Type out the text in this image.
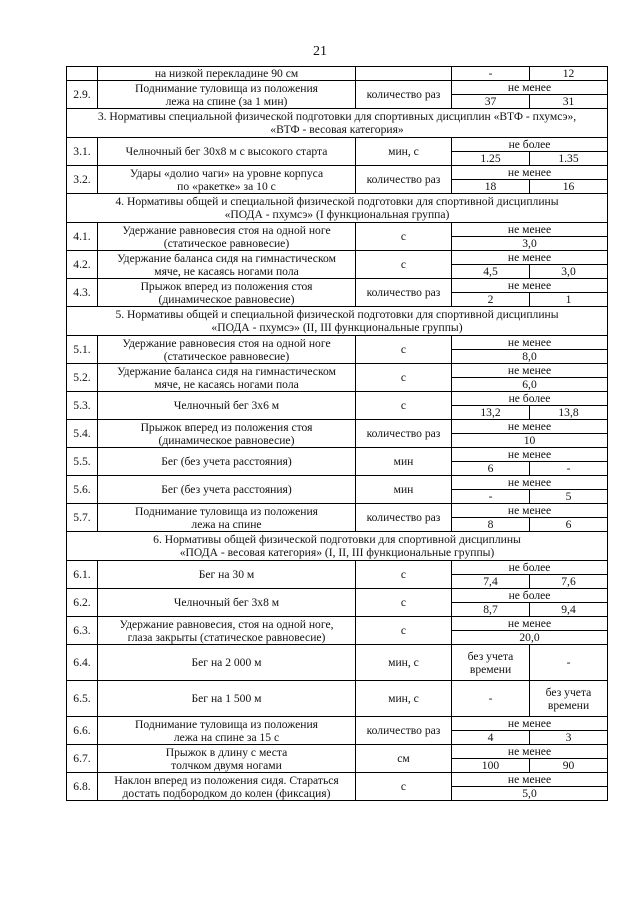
21
	на низкой перекладине 90 см		-	12
2.9.	Поднимание туловища из положения
лежа на спине (за 1 мин)	количество раз	не менее	
			37	31

3. Нормативы специальной физической подготовки для спортивных дисциплин «ВТФ - пхумсэ»,
«ВТФ - весовая категория»				

3.1.	Челночный бег 30х8 м с высокого старта	мин, с	не более	
			1.25	1.35
3.2.	Удары «долио чаги» на уровне корпуса
по «ракетке» за 10 с	количество раз	не менее	
			18	16

4. Нормативы общей и специальной физической подготовки для спортивной дисциплины
«ПОДА - пхумсэ» (I функциональная группа)				

4.1.	Удержание равновесия стоя на одной ноге
(статическое равновесие)	с	не менее	
			3,0	
4.2.	Удержание баланса сидя на гимнастическом
мяче, не касаясь ногами пола	с	не менее	
			4,5	3,0
4.3.	Прыжок вперед из положения стоя
(динамическое равновесие)	количество раз	не менее	
			2	1

5. Нормативы общей и специальной физической подготовки для спортивной дисциплины
«ПОДА - пхумсэ» (II, III функциональные группы)				

5.1.	Удержание равновесия стоя на одной ноге
(статическое равновесие)	с	не менее	
			8,0	
5.2.	Удержание баланса сидя на гимнастическом
мяче, не касаясь ногами пола	с	не менее	
			6,0	
5.3.	Челночный бег 3х6 м	с	не более	
			13,2	13,8
5.4.	Прыжок вперед из положения стоя
(динамическое равновесие)	количество раз	не менее	
			10	
5.5.	Бег (без учета расстояния)	мин	не менее	
			6	-
5.6.	Бег (без учета расстояния)	мин	не менее	
			-	5
5.7.	Поднимание туловища из положения
лежа на спине	количество раз	не менее	
			8	6

6. Нормативы общей физической подготовки для спортивной дисциплины
«ПОДА - весовая категория» (I, II, III функциональные группы)				

6.1.	Бег на 30 м	с	не более	
			7,4	7,6
6.2.	Челночный бег 3х8 м	с	не более	
			8,7	9,4
6.3.	Удержание равновесия, стоя на одной ноге,
глаза закрыты (статическое равновесие)	с	не менее	
			20,0	
6.4.	Бег на 2 000 м	мин, с	без учета
времени	-

6.5.	Бег на 1 500 м	мин, с	-	без учета
времени

6.6.	Поднимание туловища из положения
лежа на спине за 15 с	количество раз	не менее	
			4	3
6.7.	Прыжок в длину с места
толчком двумя ногами	см	не менее	
			100	90
6.8.	Наклон вперед из положения сидя. Стараться
достать подбородком до колен (фиксация)	с	не менее	
			5,0	
